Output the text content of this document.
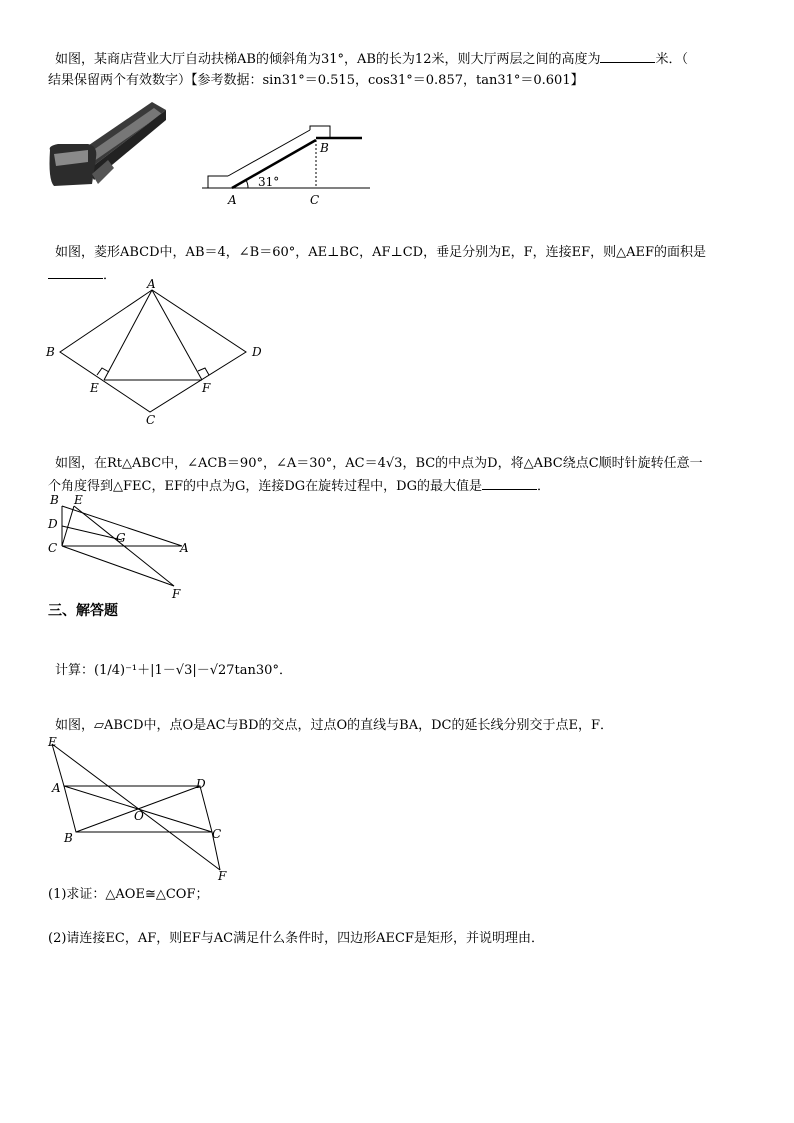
如图，某商店营业大厅自动扶梯AB的倾斜角为31°，AB的长为12米，则大厅两层之间的高度为	米．（
结果保留两个有效数字）【参考数据：sin31°＝0.515，cos31°＝0.857，tan31°＝0.601】
31°
A
B
C
如图，菱形ABCD中，AB＝4，∠B＝60°，AE⊥BC，AF⊥CD，垂足分别为E，F，连接EF，则△AEF的面积是
．
A
B
C
D
E	F
如图，在Rt△ABC中，∠ACB＝90°，∠A＝30°，AC＝4√3，BC的中点为D，将△ABC绕点C顺时针旋转任意一
个角度得到△FEC，EF的中点为G，连接DG在旋转过程中，DG的最大值是	．
B E
D
C
G
A
F
三、解答题
计算：(1/4)⁻¹＋|1－√3|－√27tan30°．
如图，▱ABCD中，点O是AC与BD的交点，过点O的直线与BA，DC的延长线分别交于点E，F．
E
A	D
B
O
C
F
(1)求证：△AOE≅△COF；
(2)请连接EC，AF，则EF与AC满足什么条件时，四边形AECF是矩形，并说明理由．
